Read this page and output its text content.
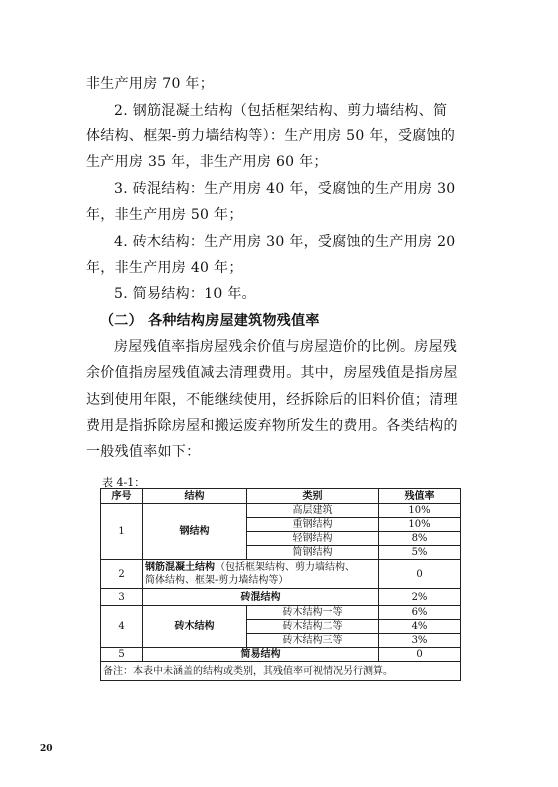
非生产用房 70 年；
2. 钢筋混凝土结构（包括框架结构、剪力墙结构、简
体结构、框架-剪力墙结构等）：生产用房 50 年，受腐蚀的
生产用房 35 年，非生产用房 60 年；
3. 砖混结构：生产用房 40 年，受腐蚀的生产用房 30
年，非生产用房 50 年；
4. 砖木结构：生产用房 30 年，受腐蚀的生产用房 20
年，非生产用房 40 年；
5. 简易结构：10 年。
（二） 各种结构房屋建筑物残值率
房屋残值率指房屋残余价值与房屋造价的比例。房屋残
余价值指房屋残值减去清理费用。其中，房屋残值是指房屋
达到使用年限，不能继续使用，经拆除后的旧料价值；清理
费用是指拆除房屋和搬运废弃物所发生的费用。各类结构的
一般残值率如下：
表 4-1：
序号	结构	类别	残值率
1	钢结构	高层建筑	10%
		重钢结构	10%
		轻钢结构	8%
		简钢结构	5%
2	钢筋混凝土结构（包括框架结构、剪力墙结构、
简体结构、框架-剪力墙结构等）		0
3	砖混结构		2%
4	砖木结构	砖木结构一等	6%
		砖木结构二等	4%
		砖木结构三等	3%
5	简易结构		0
备注：本表中未涵盖的结构或类别，其残值率可视情况另行测算。			
20
